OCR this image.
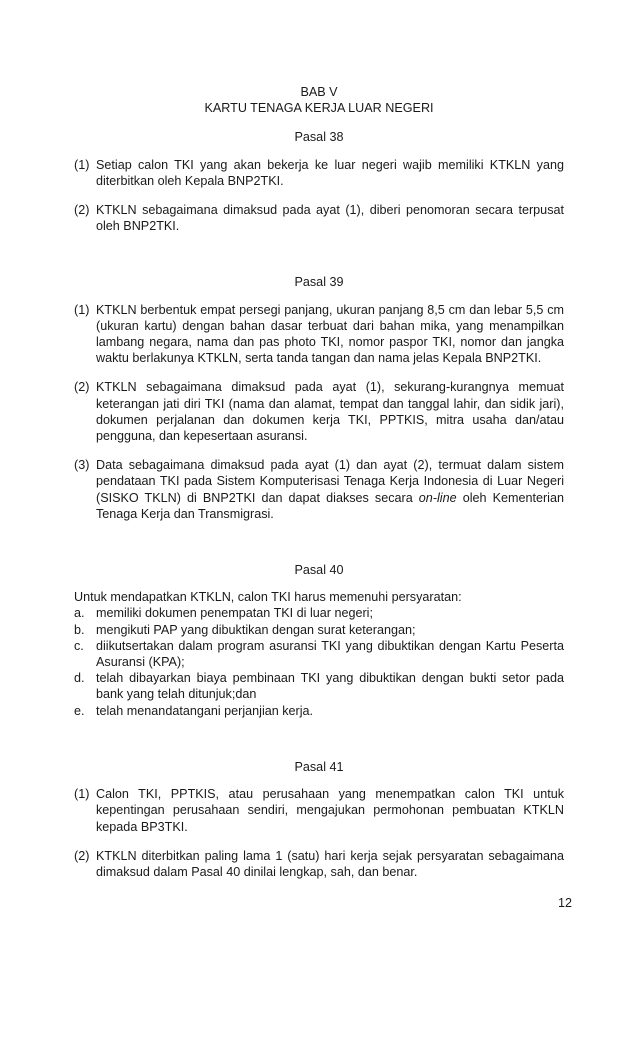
BAB V

KARTU TENAGA KERJA LUAR NEGERI

Pasal 38

(1) Setiap calon TKI yang akan bekerja ke luar negeri wajib memiliki KTKLN yang diterbitkan oleh Kepala BNP2TKI.
(2) KTKLN sebagaimana dimaksud pada ayat (1), diberi penomoran secara terpusat oleh BNP2TKI.

Pasal 39

(1) KTKLN berbentuk empat persegi panjang, ukuran panjang 8,5 cm dan lebar 5,5 cm (ukuran kartu) dengan bahan dasar terbuat dari bahan mika, yang menampilkan lambang negara, nama dan pas photo TKI, nomor paspor TKI, nomor dan jangka waktu berlakunya KTKLN, serta tanda tangan dan nama jelas Kepala BNP2TKI.
(2) KTKLN sebagaimana dimaksud pada ayat (1), sekurang-kurangnya memuat keterangan jati diri TKI (nama dan alamat, tempat dan tanggal lahir, dan sidik jari), dokumen perjalanan dan dokumen kerja TKI, PPTKIS, mitra usaha dan/atau pengguna, dan kepesertaan asuransi.
(3) Data sebagaimana dimaksud pada ayat (1) dan ayat (2), termuat dalam sistem pendataan TKI pada Sistem Komputerisasi Tenaga Kerja Indonesia di Luar Negeri (SISKO TKLN) di BNP2TKI dan dapat diakses secara on-line oleh Kementerian Tenaga Kerja dan Transmigrasi.

Pasal 40

Untuk mendapatkan KTKLN, calon TKI harus memenuhi persyaratan:

a. memiliki dokumen penempatan TKI di luar negeri;
b. mengikuti PAP yang dibuktikan dengan surat keterangan;
c. diikutsertakan dalam program asuransi TKI yang dibuktikan dengan Kartu Peserta Asuransi (KPA);
d. telah dibayarkan biaya pembinaan TKI yang dibuktikan dengan bukti setor pada bank yang telah ditunjuk;dan
e. telah menandatangani perjanjian kerja.

Pasal 41

(1) Calon TKI, PPTKIS, atau perusahaan yang menempatkan calon TKI untuk kepentingan perusahaan sendiri, mengajukan permohonan pembuatan KTKLN kepada BP3TKI.
(2) KTKLN diterbitkan paling lama 1 (satu) hari kerja sejak persyaratan sebagaimana dimaksud dalam Pasal 40 dinilai lengkap, sah, dan benar.
12
